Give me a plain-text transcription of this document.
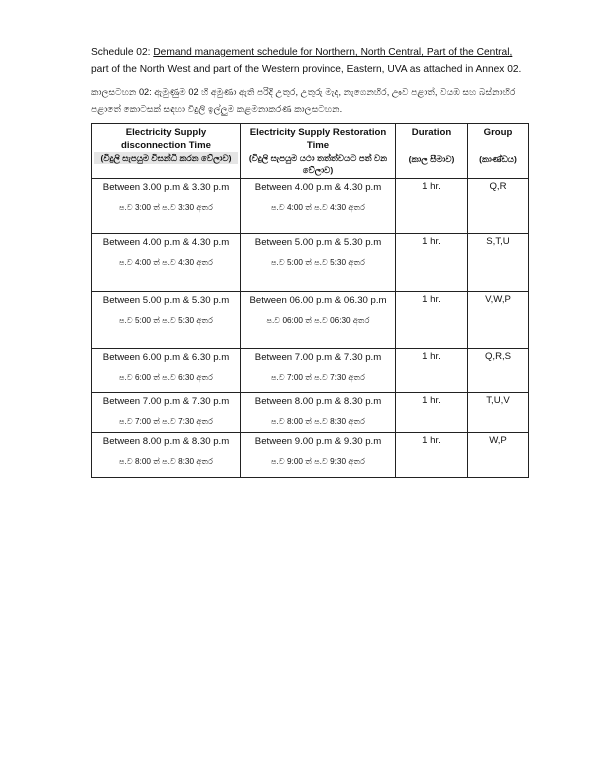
Schedule 02: Demand management schedule for Northern, North Central, Part of the Central, part of the North West and part of the Western province, Eastern, UVA as attached in Annex 02.

කාලසටහන 02: ඇමුණුම 02 හි අමුණා ඇති පරිදි උතුර, උතුරු මැද, නැගෙනහිර, ඌව පළාත්, වයඹ සහ බස්නාහිර පළාතේ කොටසක් සඳහා විදුලි ඉල්ලුම කළමනාකරණ කාලසටහන.

Electricity Supply disconnection Time
(විදුලි සැපයුම විසන්ධි කරන වේලාව)	Electricity Supply Restoration Time
(විදුලි සැපයුම යථා තත්ත්වයට පත් වන වේලාව)	Duration
(කාල සීමාව)	Group
(කාණ්ඩය)

Between 3.00 p.m & 3.30 p.m
ප.ව 3:00 ත් ප.ව 3:30 අතර	Between 4.00 p.m & 4.30 p.m
ප.ව 4:00 ත් ප.ව 4:30 අතර	1 hr.	Q,R

Between 4.00 p.m & 4.30 p.m
ප.ව 4:00 ත් ප.ව 4:30 අතර	Between 5.00 p.m & 5.30 p.m
ප.ව 5:00 ත් ප.ව 5:30 අතර	1 hr.	S,T,U

Between 5.00 p.m & 5.30 p.m
ප.ව 5:00 ත් ප.ව 5:30 අතර	Between 06.00 p.m & 06.30 p.m
ප.ව 06:00 ත් ප.ව 06:30 අතර	1 hr.	V,W,P

Between 6.00 p.m & 6.30 p.m
ප.ව 6:00 ත් ප.ව 6:30 අතර	Between 7.00 p.m & 7.30 p.m
ප.ව 7:00 ත් ප.ව 7:30 අතර	1 hr.	Q,R,S

Between 7.00 p.m & 7.30 p.m
ප.ව 7:00 ත් ප.ව 7:30 අතර	Between 8.00 p.m & 8.30 p.m
ප.ව 8:00 ත් ප.ව 8:30 අතර	1 hr.	T,U,V

Between 8.00 p.m & 8.30 p.m
ප.ව 8:00 ත් ප.ව 8:30 අතර	Between 9.00 p.m & 9.30 p.m
ප.ව 9:00 ත් ප.ව 9:30 අතර	1 hr.	W,P
